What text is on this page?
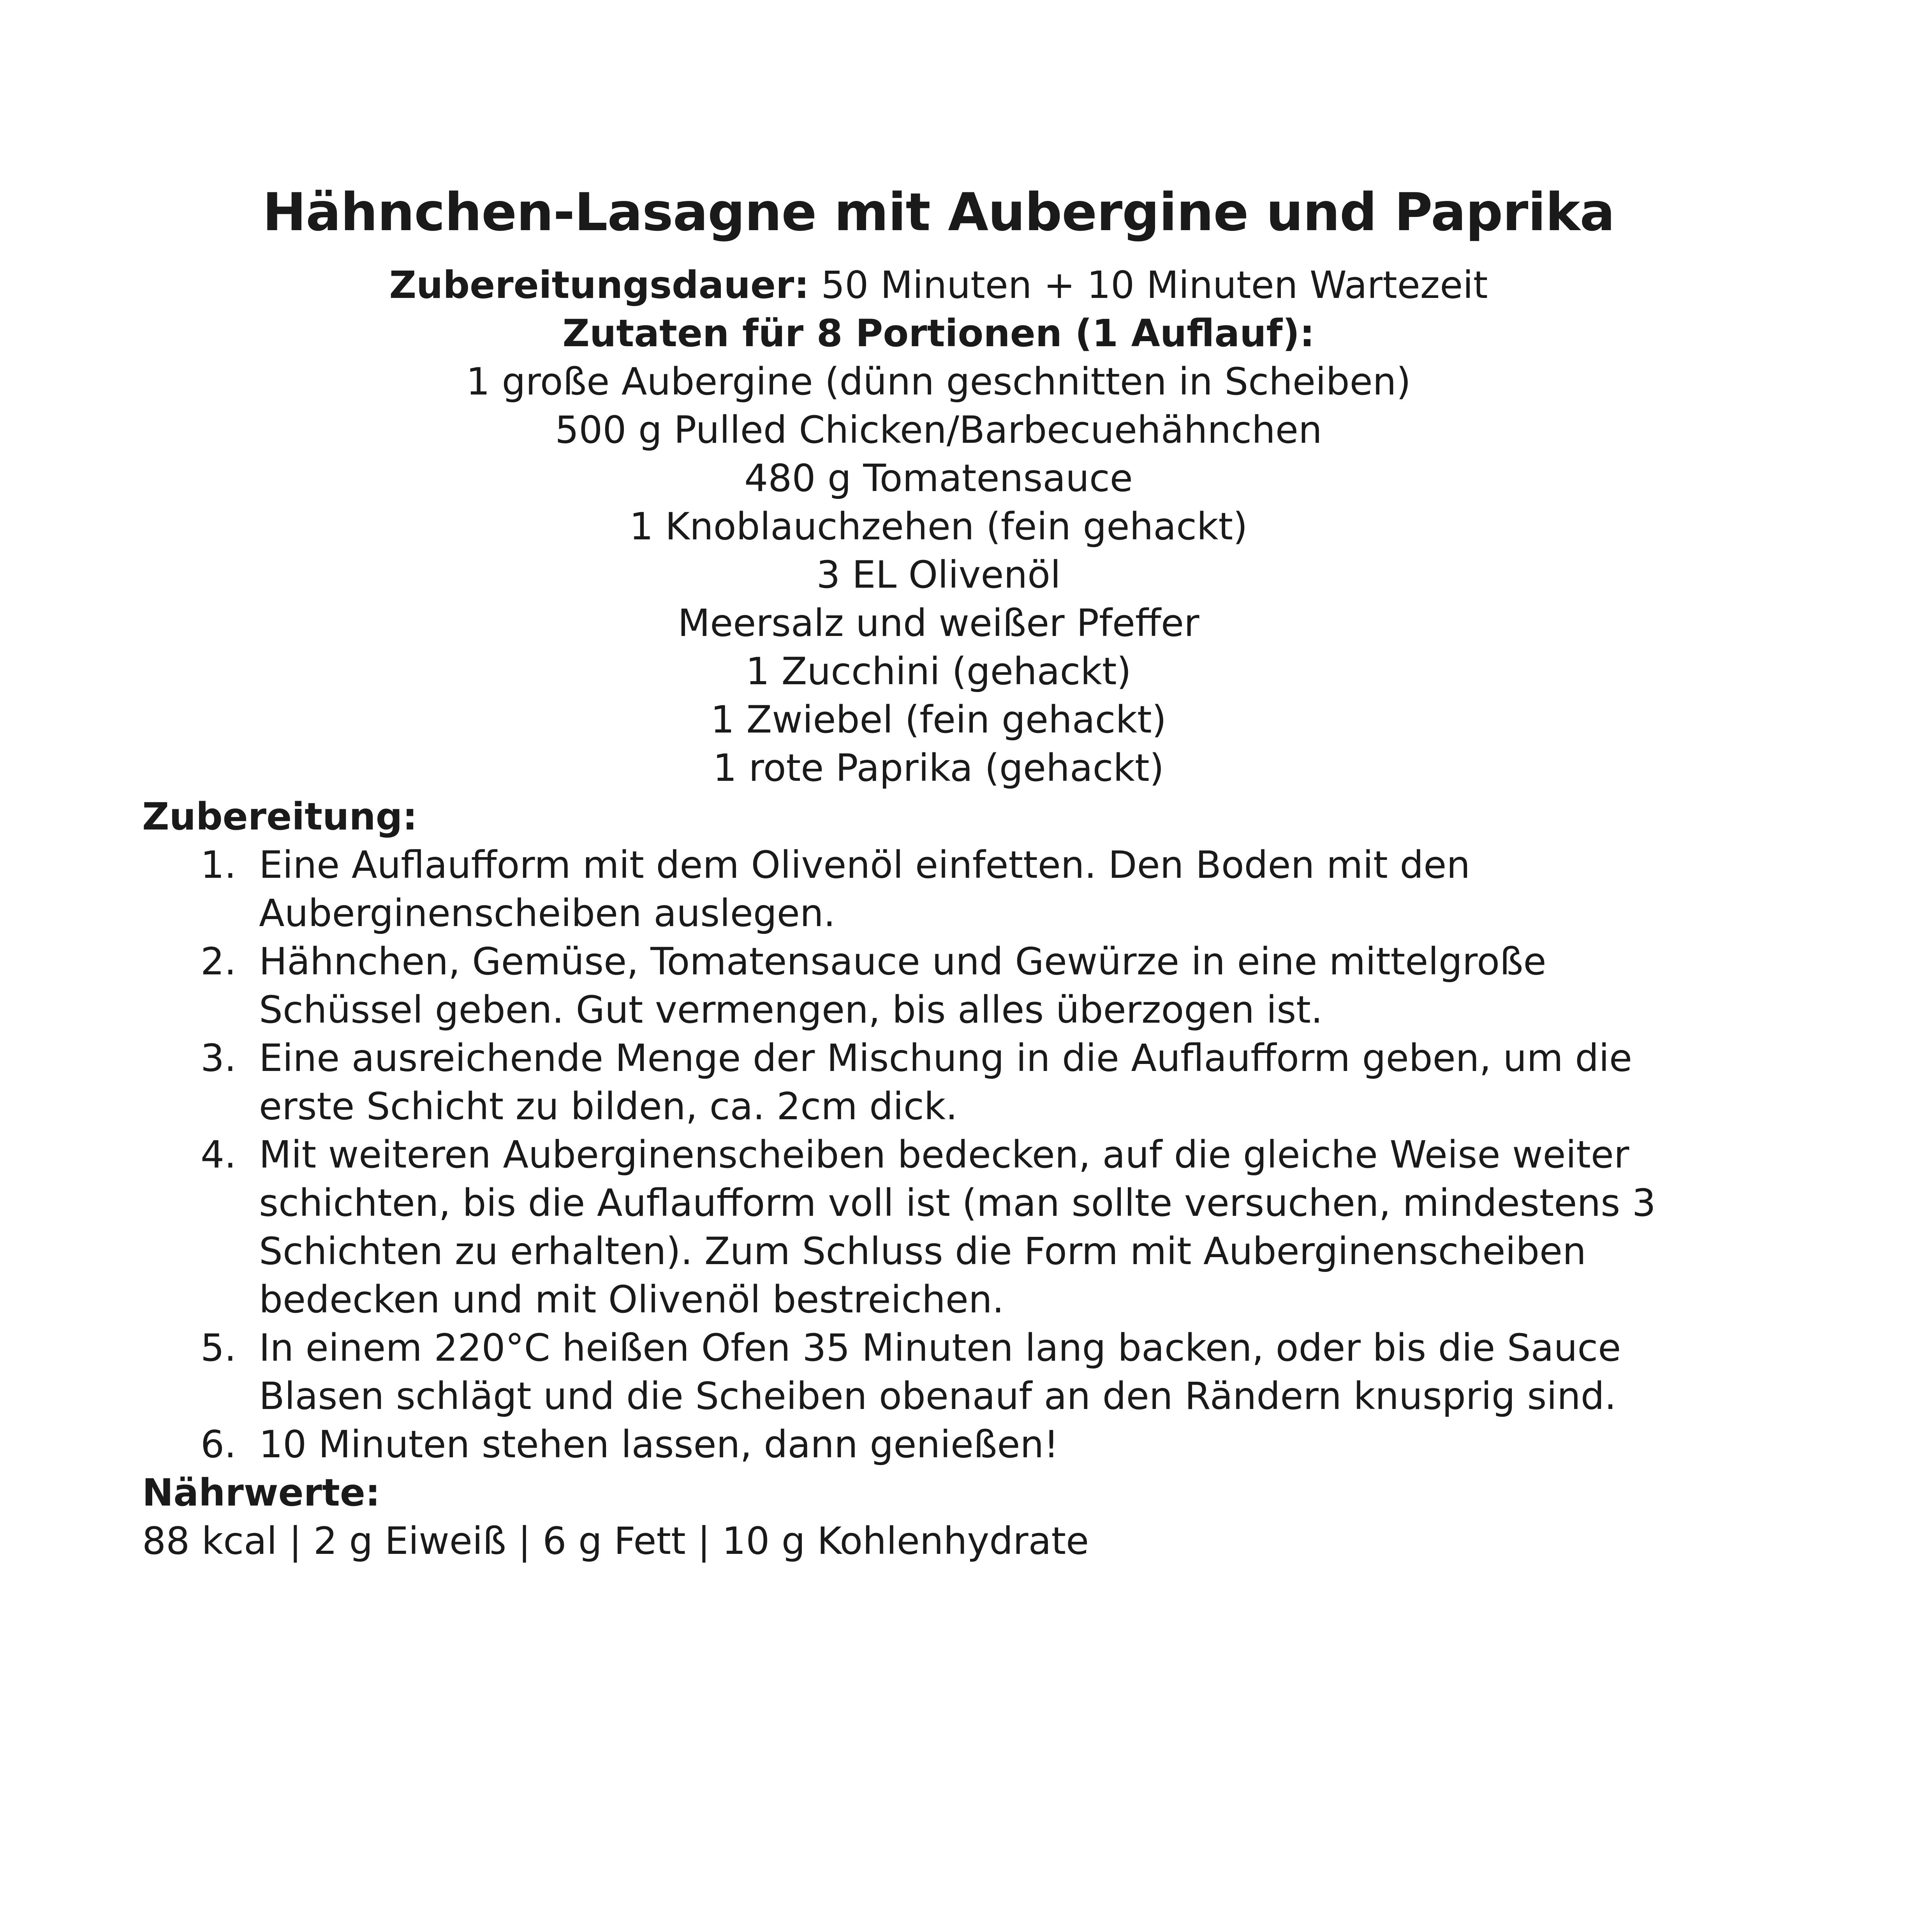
Hähnchen-Lasagne mit Aubergine und Paprika
Zubereitungsdauer: 50 Minuten + 10 Minuten Wartezeit
Zutaten für 8 Portionen (1 Auflauf):
1 große Aubergine (dünn geschnitten in Scheiben)
500 g Pulled Chicken/Barbecuehähnchen
480 g Tomatensauce
1 Knoblauchzehen (fein gehackt)
3 EL Olivenöl
Meersalz und weißer Pfeffer
1 Zucchini (gehackt)
1 Zwiebel (fein gehackt)
1 rote Paprika (gehackt)
Zubereitung:
1. Eine Auflaufform mit dem Olivenöl einfetten. Den Boden mit den
Auberginenscheiben auslegen.
2. Hähnchen, Gemüse, Tomatensauce und Gewürze in eine mittelgroße
Schüssel geben. Gut vermengen, bis alles überzogen ist.
3. Eine ausreichende Menge der Mischung in die Auflaufform geben, um die
erste Schicht zu bilden, ca. 2cm dick.
4. Mit weiteren Auberginenscheiben bedecken, auf die gleiche Weise weiter
schichten, bis die Auflaufform voll ist (man sollte versuchen, mindestens 3
Schichten zu erhalten). Zum Schluss die Form mit Auberginenscheiben
bedecken und mit Olivenöl bestreichen.
5. In einem 220°C heißen Ofen 35 Minuten lang backen, oder bis die Sauce
Blasen schlägt und die Scheiben obenauf an den Rändern knusprig sind.
6. 10 Minuten stehen lassen, dann genießen!
Nährwerte:
88 kcal | 2 g Eiweiß | 6 g Fett | 10 g Kohlenhydrate
